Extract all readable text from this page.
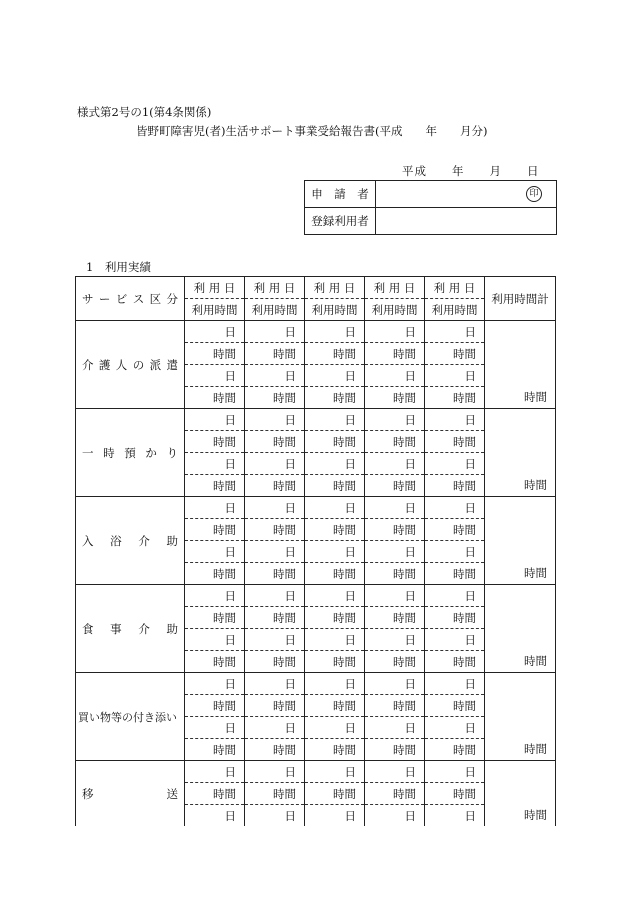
様式第2号の1(第4条関係)
皆野町障害児(者)生活サポート事業受給報告書(平成　　年　　月分)
平成　　年　　月　　日
申　請　者	印

登録利用者	
1　利用実績
サービス区分	利 用 日	利 用 日	利 用 日	利 用 日	利 用 日	利用時間計
	利用時間	利用時間	利用時間	利用時間	利用時間	

介護人の派遣	日	日	日	日	日	時間
	時間	時間	時間	時間	時間	
	日	日	日	日	日	
	時間	時間	時間	時間	時間	

一時預かり	日	日	日	日	日	時間
	時間	時間	時間	時間	時間	
	日	日	日	日	日	
	時間	時間	時間	時間	時間	

入浴介助	日	日	日	日	日	時間
	時間	時間	時間	時間	時間	
	日	日	日	日	日	
	時間	時間	時間	時間	時間	

食事介助	日	日	日	日	日	時間
	時間	時間	時間	時間	時間	
	日	日	日	日	日	
	時間	時間	時間	時間	時間	

買い物等の付き添い	日	日	日	日	日	時間
	時間	時間	時間	時間	時間	
	日	日	日	日	日	
	時間	時間	時間	時間	時間	

移送	日	日	日	日	日	時間
	時間	時間	時間	時間	時間	
	日	日	日	日	日	
